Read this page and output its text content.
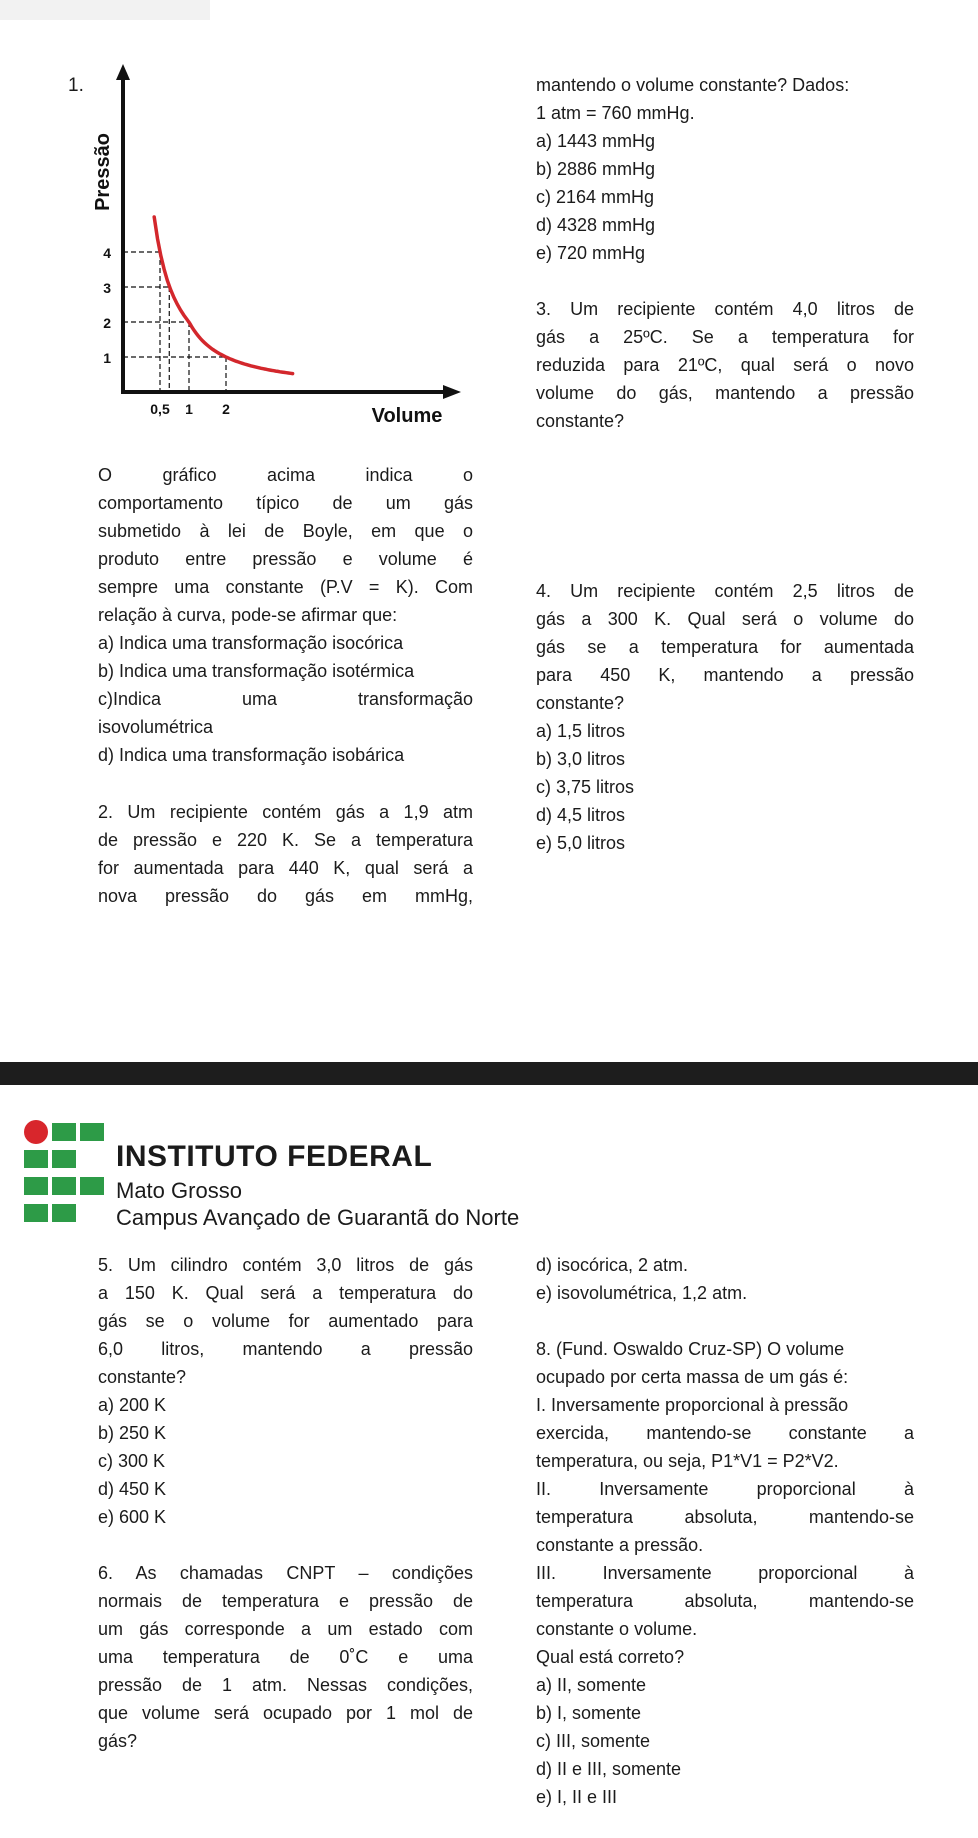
1.
Pressão
Volume
4
3
2
1
0,5 1 2
O gráfico acima indica o
comportamento típico de um gás
submetido à lei de Boyle, em que o
produto entre pressão e volume é
sempre uma constante (P.V = K). Com
relação à curva, pode-se afirmar que:
a) Indica uma transformação isocórica
b) Indica uma transformação isotérmica
c)Indica uma transformação
isovolumétrica
d) Indica uma transformação isobárica
2. Um recipiente contém gás a 1,9 atm
de pressão e 220 K. Se a temperatura
for aumentada para 440 K, qual será a
nova pressão do gás em mmHg,
mantendo o volume constante? Dados:
1 atm = 760 mmHg.
a) 1443 mmHg
b) 2886 mmHg
c) 2164 mmHg
d) 4328 mmHg
e) 720 mmHg
3. Um recipiente contém 4,0 litros de
gás a 25ºC. Se a temperatura for
reduzida para 21ºC, qual será o novo
volume do gás, mantendo a pressão
constante?
4. Um recipiente contém 2,5 litros de
gás a 300 K. Qual será o volume do
gás se a temperatura for aumentada
para 450 K, mantendo a pressão
constante?
a) 1,5 litros
b) 3,0 litros
c) 3,75 litros
d) 4,5 litros
e) 5,0 litros
INSTITUTO FEDERAL
Mato Grosso
Campus Avançado de Guarantã do Norte
5. Um cilindro contém 3,0 litros de gás
a 150 K. Qual será a temperatura do
gás se o volume for aumentado para
6,0 litros, mantendo a pressão
constante?
a) 200 K
b) 250 K
c) 300 K
d) 450 K
e) 600 K
6. As chamadas CNPT – condições
normais de temperatura e pressão de
um gás corresponde a um estado com
uma temperatura de 0˚C e uma
pressão de 1 atm. Nessas condições,
que volume será ocupado por 1 mol de
gás?
d) isocórica, 2 atm.
e) isovolumétrica, 1,2 atm.
8. (Fund. Oswaldo Cruz-SP) O volume
ocupado por certa massa de um gás é:
I. Inversamente proporcional à pressão
exercida, mantendo-se constante a
temperatura, ou seja, P1*V1 = P2*V2.
II. Inversamente proporcional à
temperatura absoluta, mantendo-se
constante a pressão.
III. Inversamente proporcional à
temperatura absoluta, mantendo-se
constante o volume.
Qual está correto?
a) II, somente
b) I, somente
c) III, somente
d) II e III, somente
e) I, II e III
